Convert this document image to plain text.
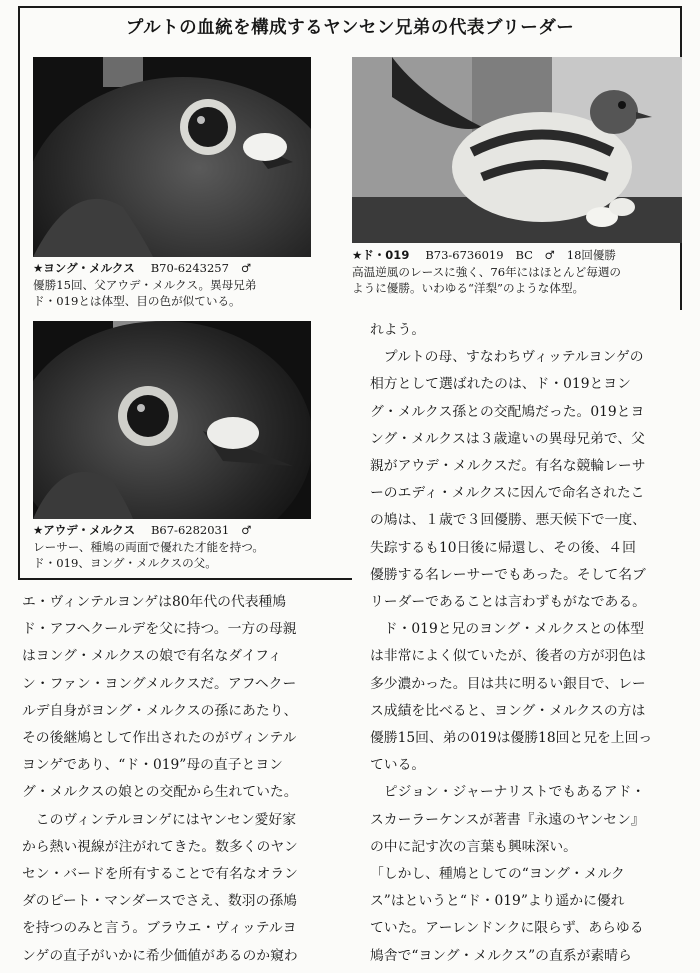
プルトの血統を構成するヤンセン兄弟の代表ブリーダー
★ヨング・メルクス B70-6243257 ♂
優勝15回、父アウデ・メルクス。異母兄弟
ド・019とは体型、目の色が似ている。
★ド・019 B73-6736019 BC　♂ 18回優勝
高温逆風のレースに強く、76年にはほとんど毎週の
ように優勝。いわゆる“洋梨”のような体型。
★アウデ・メルクス B67-6282031 ♂
レーサー、種鳩の両面で優れた才能を持つ。
ド・019、ヨング・メルクスの父。

エ・ヴィンテルヨンゲは80年代の代表種鳩

ド・アフヘクールデを父に持つ。一方の母親

はヨング・メルクスの娘で有名なダイフィ

ン・ファン・ヨングメルクスだ。アフヘクー

ルデ自身がヨング・メルクスの孫にあたり、

その後継鳩として作出されたのがヴィンテル

ヨンゲであり、“ド・019”母の直子とヨン

グ・メルクスの娘との交配から生れていた。

　このヴィンテルヨンゲにはヤンセン愛好家

から熱い視線が注がれてきた。数多くのヤン

セン・バードを所有することで有名なオラン

ダのピート・マンダースでさえ、数羽の孫鳩

を持つのみと言う。ブラウエ・ヴィッテルヨ

ンゲの直子がいかに希少価値があるのか窺わ

れよう。

　プルトの母、すなわちヴィッテルヨンゲの

相方として選ばれたのは、ド・019とヨン

グ・メルクス孫との交配鳩だった。019とヨ

ング・メルクスは３歳違いの異母兄弟で、父

親がアウデ・メルクスだ。有名な競輪レーサ

ーのエディ・メルクスに因んで命名されたこ

の鳩は、１歳で３回優勝、悪天候下で一度、

失踪するも10日後に帰還し、その後、４回

優勝する名レーサーでもあった。そして名ブ

リーダーであることは言わずもがなである。

　ド・019と兄のヨング・メルクスとの体型

は非常によく似ていたが、後者の方が羽色は

多少濃かった。目は共に明るい銀目で、レー

ス成績を比べると、ヨング・メルクスの方は

優勝15回、弟の019は優勝18回と兄を上回っ

ている。

　ピジョン・ジャーナリストでもあるアド・

スカーラーケンスが著書『永遠のヤンセン』

の中に記す次の言葉も興味深い。

「しかし、種鳩としての“ヨング・メルク

ス”はというと“ド・019”より遥かに優れ

ていた。アーレンドンクに限らず、あらゆる

鳩舎で“ヨング・メルクス”の直系が素晴ら
